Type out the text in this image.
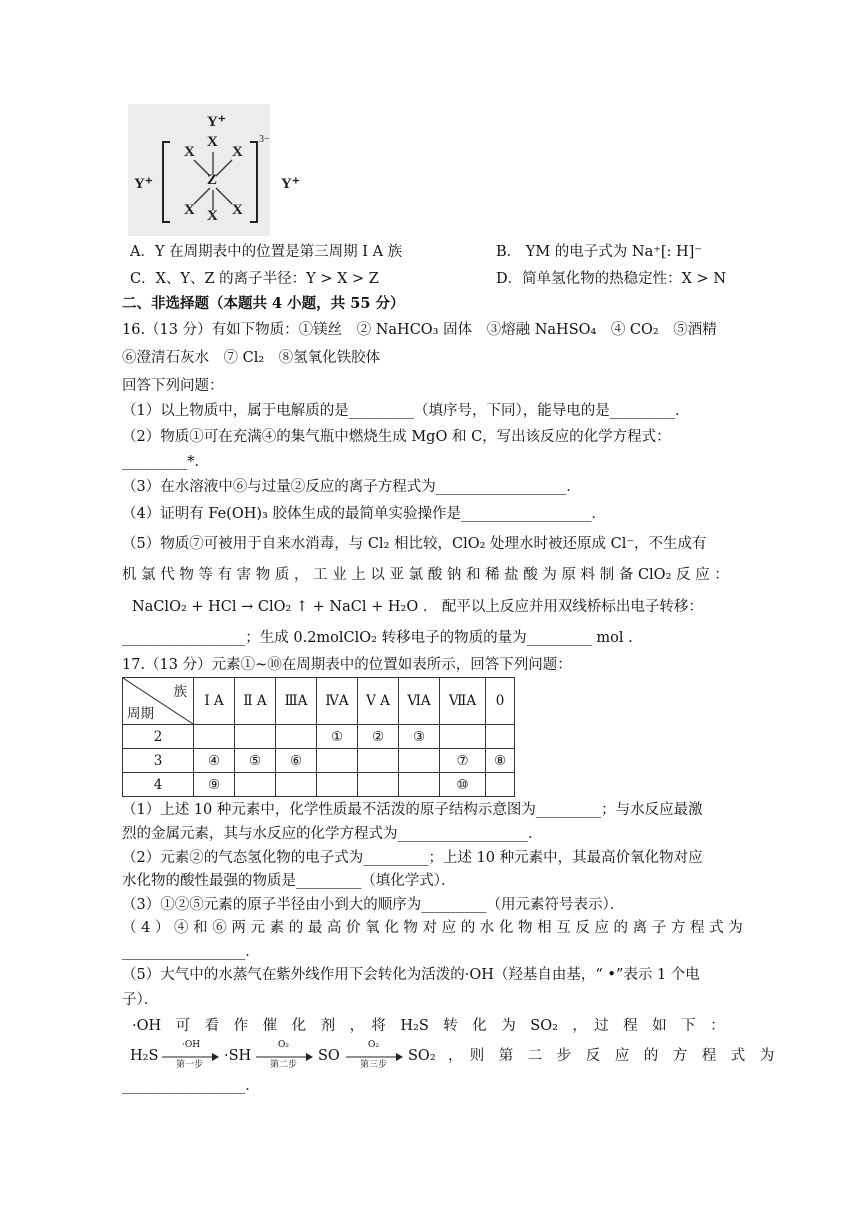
Y⁺
X
X X
Z
X X X
Y⁺	Y⁺
3−
A．Y 在周期表中的位置是第三周期 I A 族	B． YM 的电子式为 Na⁺[: H]⁻
C．X、Y、Z 的离子半径：Y > X > Z	D．简单氢化物的热稳定性：X > N
二、非选择题（本题共 4 小题，共 55 分）
16.（13 分）有如下物质：①镁丝　② NaHCO₃ 固体　③熔融 NaHSO₄　④ CO₂　⑤酒精
⑥澄清石灰水　⑦ Cl₂　⑧氢氧化铁胶体
回答下列问题：
（1）以上物质中，属于电解质的是_________（填序号，下同），能导电的是_________．
（2）物质①可在充满④的集气瓶中燃烧生成 MgO 和 C，写出该反应的化学方程式：
_________*．
（3）在水溶液中⑥与过量②反应的离子方程式为__________________．
（4）证明有 Fe(OH)₃ 胶体生成的最简单实验操作是__________________．
（5）物质⑦可被用于自来水消毒，与 Cl₂ 相比较，ClO₂ 处理水时被还原成 Cl⁻，不生成有
机 氯 代 物 等 有 害 物 质 ， 工 业 上 以 亚 氯 酸 钠 和 稀 盐 酸 为 原 料 制 备 ClO₂ 反 应 ：
NaClO₂ + HCl → ClO₂ ↑ + NaCl + H₂O ． 配平以上反应并用双线桥标出电子转移：
_________________；生成 0.2molClO₂ 转移电子的物质的量为_________ mol .
17.（13 分）元素①~⑩在周期表中的位置如表所示，回答下列问题：
族
周期	Ⅰ A	Ⅱ A	ⅢA	ⅣA	Ⅴ A	ⅥA	ⅦA	0
2				①	②	③		
3	④	⑤	⑥				⑦	⑧
4	⑨						⑩	
（1）上述 10 种元素中，化学性质最不活泼的原子结构示意图为_________；与水反应最激
烈的金属元素，其与水反应的化学方程式为__________________．
（2）元素②的气态氢化物的电子式为_________；上述 10 种元素中，其最高价氧化物对应
水化物的酸性最强的物质是_________（填化学式）．
（3）①②⑤元素的原子半径由小到大的顺序为_________（用元素符号表示）．
（ 4 ） ④ 和 ⑥ 两 元 素 的 最 高 价 氧 化 物 对 应 的 水 化 物 相 互 反 应 的 离 子 方 程 式 为
_________________．
（5）大气中的水蒸气在紫外线作用下会转化为活泼的·OH（羟基自由基，“ •”表示 1 个电
子）．
·OH　可　看　作　催　化　剂　，　将　H₂S　转　化　为　SO₂　，　过　程　如　下　：
H₂S
·OH
第一步
·SH
O₂
第二步
SO
O₂
第三步
SO₂ ，　则　第　二　步　反　应　的　方　程　式　为
_________________．
